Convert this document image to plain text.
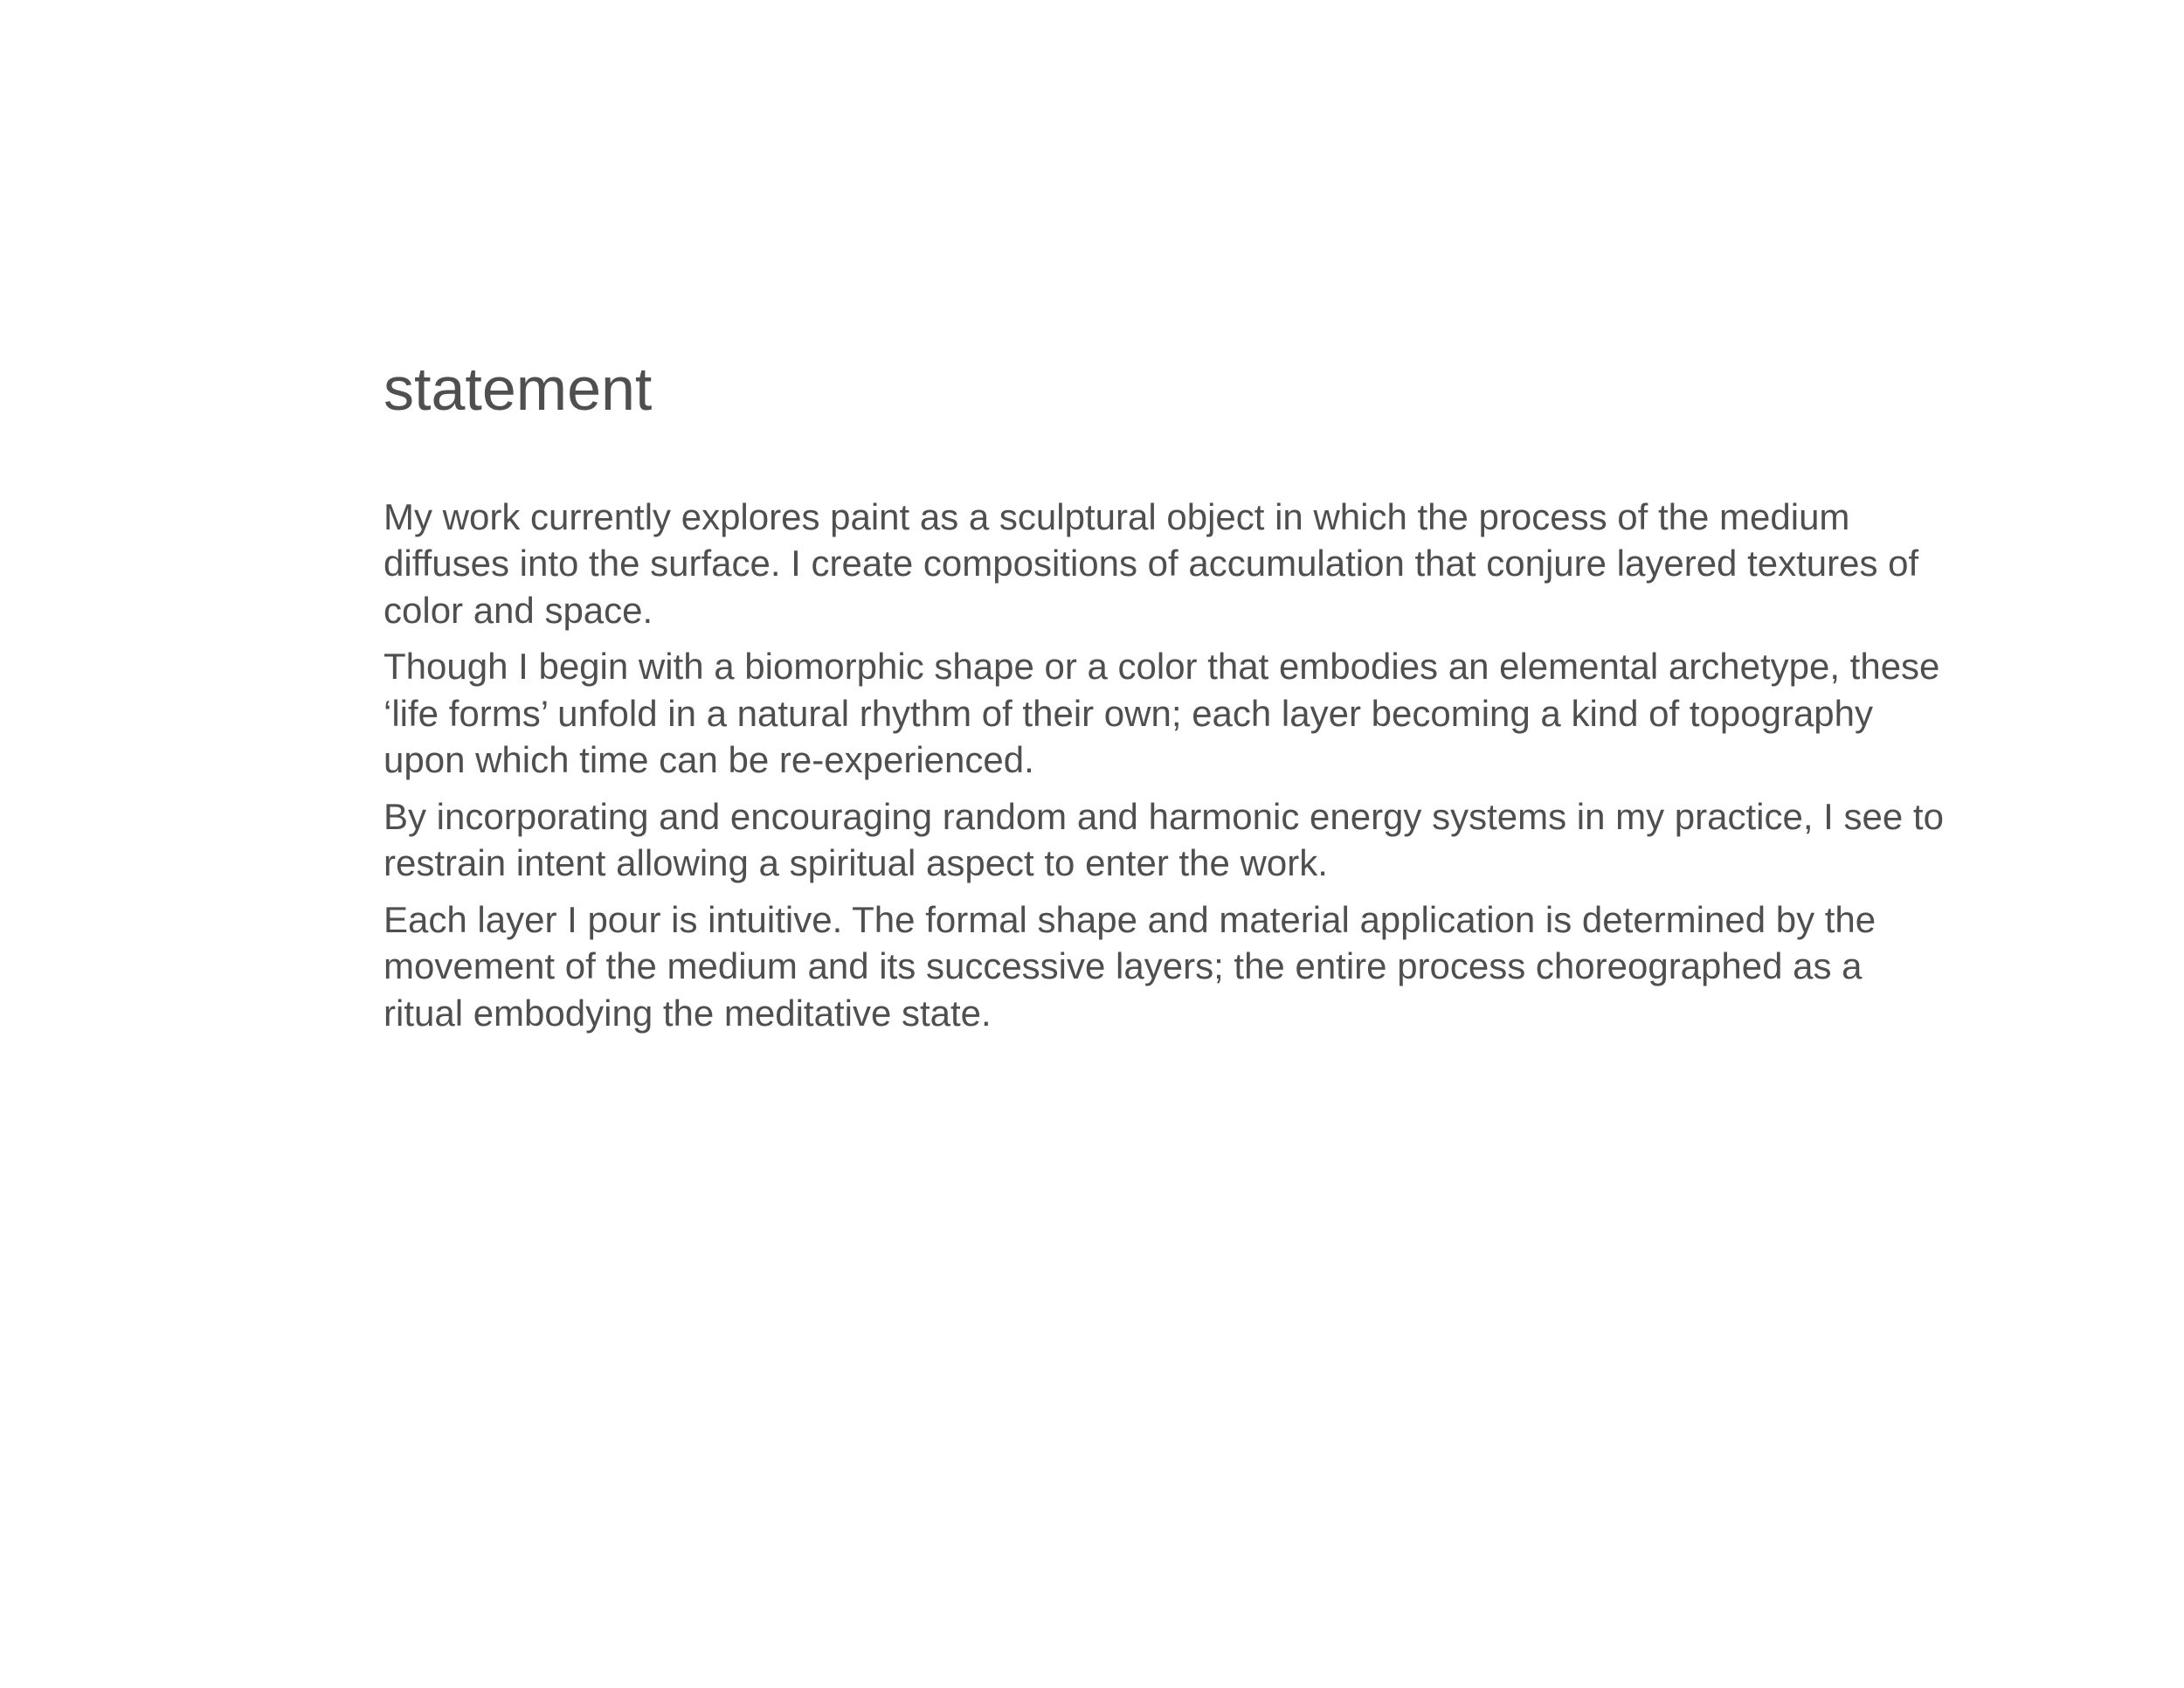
statement

My work currently explores paint as a sculptural object in which the process of the medium diffuses into the surface. I create compositions of accumulation that conjure layered textures of color and space.

Though I begin with a biomorphic shape or a color that embodies an elemental archetype, these ‘life forms’ unfold in a natural rhythm of their own; each layer becoming a kind of topography upon which time can be re-experienced.

By incorporating and encouraging random and harmonic energy systems in my practice, I see to restrain intent allowing a spiritual aspect to enter the work.

Each layer I pour is intuitive. The formal shape and material application is determined by the movement of the medium and its successive layers; the entire process choreographed as a ritual embodying the meditative state.
